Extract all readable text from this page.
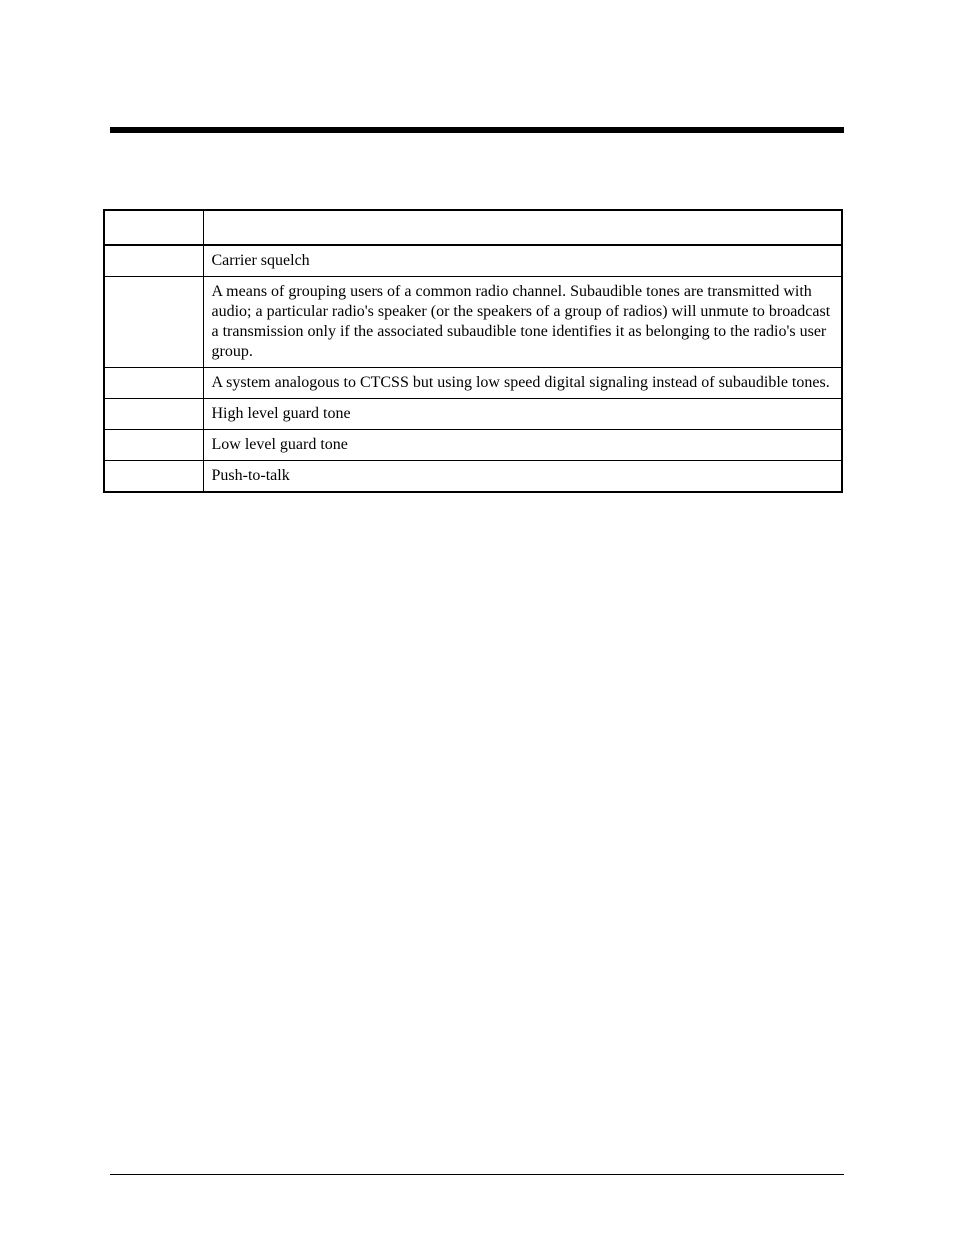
	Carrier squelch
	A means of grouping users of a common radio channel. Subaudible tones are transmitted with audio; a particular radio's speaker (or the speakers of a group of radios) will unmute to broadcast a transmission only if the associated subaudible tone identifies it as belonging to the radio's user group.
	A system analogous to CTCSS but using low speed digital signaling instead of subaudible tones.
	High level guard tone
	Low level guard tone
	Push-to-talk
